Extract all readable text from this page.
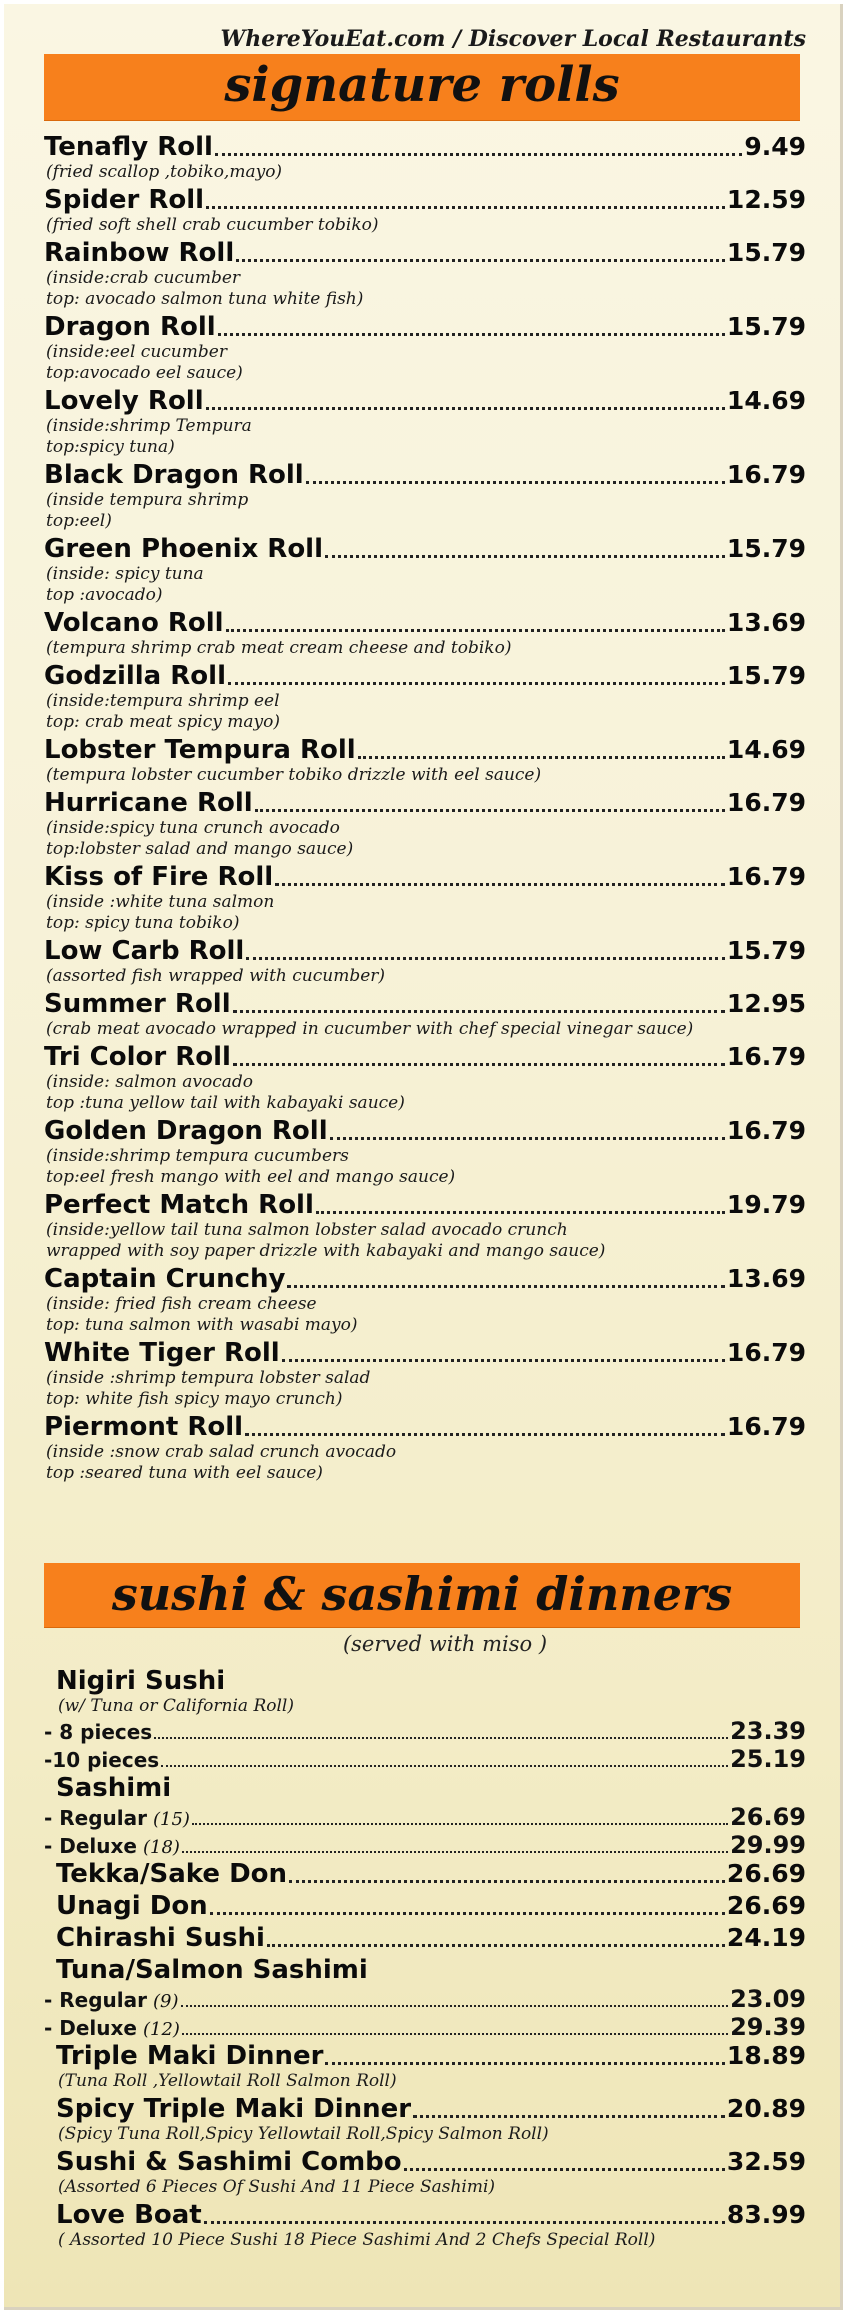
WhereYouEat.com / Discover Local Restaurants
signature rolls
Tenafly Roll	9.49
(fried scallop ,tobiko,mayo)
Spider Roll	12.59
(fried soft shell crab cucumber tobiko)
Rainbow Roll	15.79
(inside:crab cucumber
top: avocado salmon tuna white fish)
Dragon Roll	15.79
(inside:eel cucumber
top:avocado eel sauce)
Lovely Roll	14.69
(inside:shrimp Tempura
top:spicy tuna)
Black Dragon Roll	16.79
(inside tempura shrimp
top:eel)
Green Phoenix Roll	15.79
(inside: spicy tuna
top :avocado)
Volcano Roll	13.69
(tempura shrimp crab meat cream cheese and tobiko)
Godzilla Roll	15.79
(inside:tempura shrimp eel
top: crab meat spicy mayo)
Lobster Tempura Roll	14.69
(tempura lobster cucumber tobiko drizzle with eel sauce)
Hurricane Roll	16.79
(inside:spicy tuna crunch avocado
top:lobster salad and mango sauce)
Kiss of Fire Roll	16.79
(inside :white tuna salmon
top: spicy tuna tobiko)
Low Carb Roll	15.79
(assorted fish wrapped with cucumber)
Summer Roll	12.95
(crab meat avocado wrapped in cucumber with chef special vinegar sauce)
Tri Color Roll	16.79
(inside: salmon avocado
top :tuna yellow tail with kabayaki sauce)
Golden Dragon Roll	16.79
(inside:shrimp tempura cucumbers
top:eel fresh mango with eel and mango sauce)
Perfect Match Roll	19.79
(inside:yellow tail tuna salmon lobster salad avocado crunch
wrapped with soy paper drizzle with kabayaki and mango sauce)
Captain Crunchy	13.69
(inside: fried fish cream cheese
top: tuna salmon with wasabi mayo)
White Tiger Roll	16.79
(inside :shrimp tempura lobster salad
top: white fish spicy mayo crunch)
Piermont Roll	16.79
(inside :snow crab salad crunch avocado
top :seared tuna with eel sauce)
sushi & sashimi dinners
(served with miso )
Nigiri Sushi
(w/ Tuna or California Roll)
- 8 pieces	23.39
-10 pieces	25.19
Sashimi
- Regular (15)	26.69
- Deluxe (18)	29.99
Tekka/Sake Don	26.69
Unagi Don	26.69
Chirashi Sushi	24.19
Tuna/Salmon Sashimi
- Regular (9)	23.09
- Deluxe (12)	29.39
Triple Maki Dinner	18.89
(Tuna Roll ,Yellowtail Roll Salmon Roll)
Spicy Triple Maki Dinner	20.89
(Spicy Tuna Roll,Spicy Yellowtail Roll,Spicy Salmon Roll)
Sushi & Sashimi Combo	32.59
(Assorted 6 Pieces Of Sushi And 11 Piece Sashimi)
Love Boat	83.99
( Assorted 10 Piece Sushi 18 Piece Sashimi And 2 Chefs Special Roll)
